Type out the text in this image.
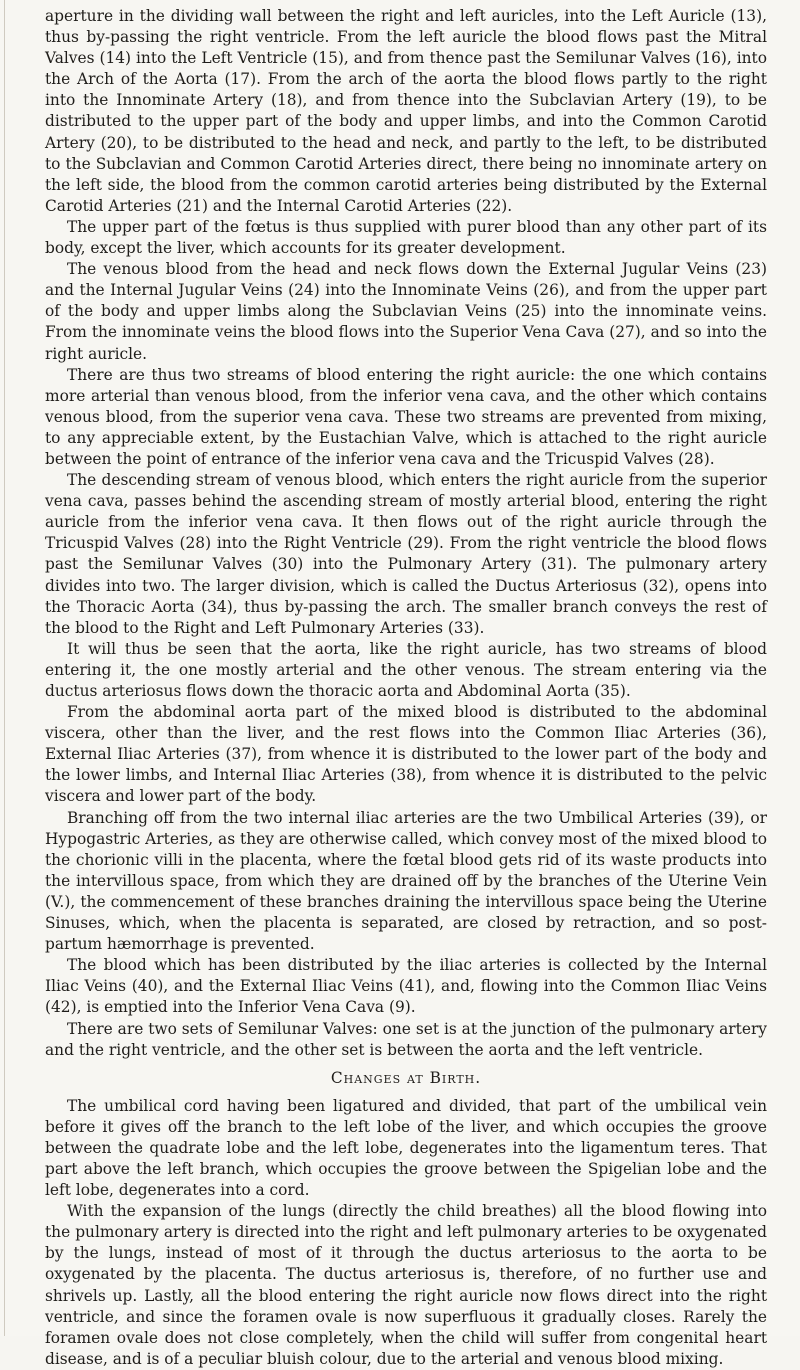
aperture in the dividing wall between the right and left auricles, into the Left Auricle (13), thus by-passing the right ventricle. From the left auricle the blood flows past the Mitral Valves (14) into the Left Ventricle (15), and from thence past the Semilunar Valves (16), into the Arch of the Aorta (17). From the arch of the aorta the blood flows partly to the right into the Innominate Artery (18), and from thence into the Subclavian Artery (19), to be distributed to the upper part of the body and upper limbs, and into the Common Carotid Artery (20), to be distributed to the head and neck, and partly to the left, to be distributed to the Subclavian and Common Carotid Arteries direct, there being no innominate artery on the left side, the blood from the common carotid arteries being distributed by the External Carotid Arteries (21) and the Internal Carotid Arteries (22).

The upper part of the fœtus is thus supplied with purer blood than any other part of its body, except the liver, which accounts for its greater development.

The venous blood from the head and neck flows down the External Jugular Veins (23) and the Internal Jugular Veins (24) into the Innominate Veins (26), and from the upper part of the body and upper limbs along the Subclavian Veins (25) into the innominate veins. From the innominate veins the blood flows into the Superior Vena Cava (27), and so into the right auricle.

There are thus two streams of blood entering the right auricle: the one which contains more arterial than venous blood, from the inferior vena cava, and the other which contains venous blood, from the superior vena cava. These two streams are prevented from mixing, to any appreciable extent, by the Eustachian Valve, which is attached to the right auricle between the point of entrance of the inferior vena cava and the Tricuspid Valves (28).

The descending stream of venous blood, which enters the right auricle from the superior vena cava, passes behind the ascending stream of mostly arterial blood, entering the right auricle from the inferior vena cava. It then flows out of the right auricle through the Tricuspid Valves (28) into the Right Ventricle (29). From the right ventricle the blood flows past the Semilunar Valves (30) into the Pulmonary Artery (31). The pulmonary artery divides into two. The larger division, which is called the Ductus Arteriosus (32), opens into the Thoracic Aorta (34), thus by-passing the arch. The smaller branch conveys the rest of the blood to the Right and Left Pulmonary Arteries (33).

It will thus be seen that the aorta, like the right auricle, has two streams of blood entering it, the one mostly arterial and the other venous. The stream entering via the ductus arteriosus flows down the thoracic aorta and Abdominal Aorta (35).

From the abdominal aorta part of the mixed blood is distributed to the abdominal viscera, other than the liver, and the rest flows into the Common Iliac Arteries (36), External Iliac Arteries (37), from whence it is distributed to the lower part of the body and the lower limbs, and Internal Iliac Arteries (38), from whence it is distributed to the pelvic viscera and lower part of the body.

Branching off from the two internal iliac arteries are the two Umbilical Arteries (39), or Hypogastric Arteries, as they are otherwise called, which convey most of the mixed blood to the chorionic villi in the placenta, where the fœtal blood gets rid of its waste products into the intervillous space, from which they are drained off by the branches of the Uterine Vein (V.), the commencement of these branches draining the intervillous space being the Uterine Sinuses, which, when the placenta is separated, are closed by retraction, and so post-partum hæmorrhage is prevented.

The blood which has been distributed by the iliac arteries is collected by the Internal Iliac Veins (40), and the External Iliac Veins (41), and, flowing into the Common Iliac Veins (42), is emptied into the Inferior Vena Cava (9).

There are two sets of Semilunar Valves: one set is at the junction of the pulmonary artery and the right ventricle, and the other set is between the aorta and the left ventricle.

Changes at Birth.

The umbilical cord having been ligatured and divided, that part of the umbilical vein before it gives off the branch to the left lobe of the liver, and which occupies the groove between the quadrate lobe and the left lobe, degenerates into the ligamentum teres. That part above the left branch, which occupies the groove between the Spigelian lobe and the left lobe, degenerates into a cord.

With the expansion of the lungs (directly the child breathes) all the blood flowing into the pulmonary artery is directed into the right and left pulmonary arteries to be oxygenated by the lungs, instead of most of it through the ductus arteriosus to the aorta to be oxygenated by the placenta. The ductus arteriosus is, therefore, of no further use and shrivels up. Lastly, all the blood entering the right auricle now flows direct into the right ventricle, and since the foramen ovale is now superfluous it gradually closes. Rarely the foramen ovale does not close completely, when the child will suffer from congenital heart disease, and is of a peculiar bluish colour, due to the arterial and venous blood mixing.
